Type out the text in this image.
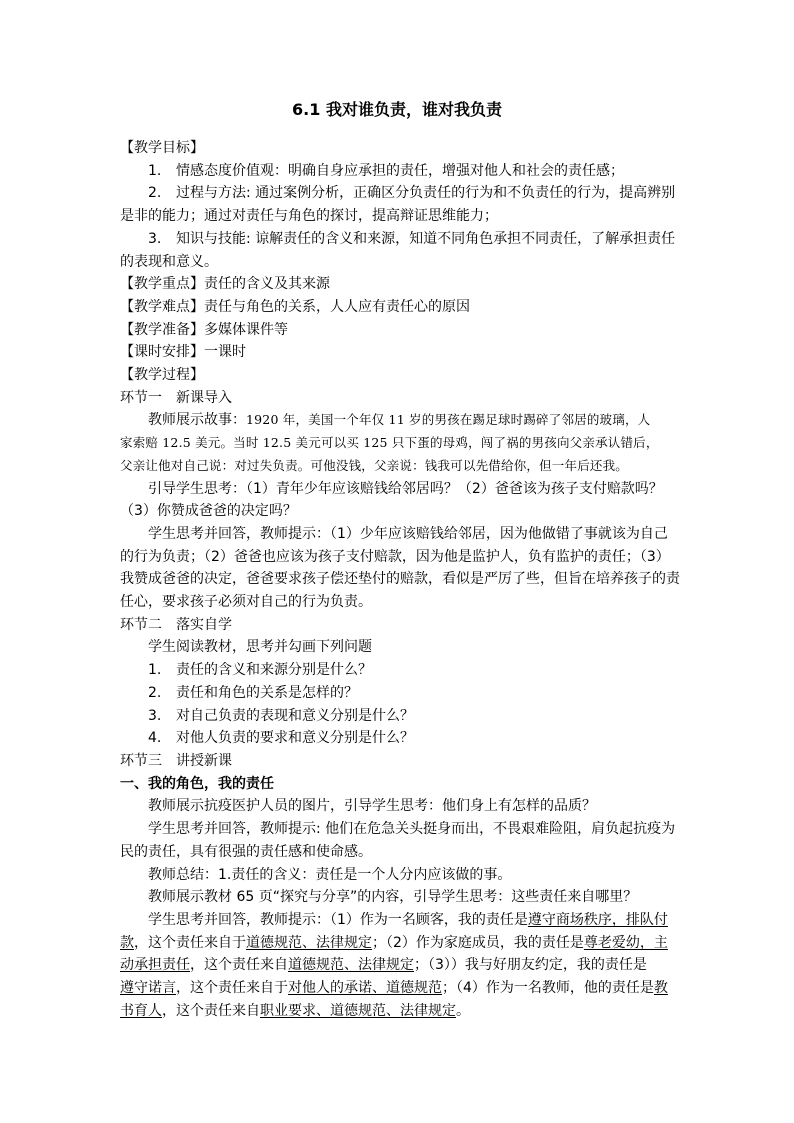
6.1 我对谁负责，谁对我负责
【教学目标】
1. 情感态度价值观：明确自身应承担的责任，增强对他人和社会的责任感；
2. 过程与方法: 通过案例分析，正确区分负责任的行为和不负责任的行为，提高辨别
是非的能力；通过对责任与角色的探讨，提高辩证思维能力；
3. 知识与技能: 谅解责任的含义和来源，知道不同角色承担不同责任，了解承担责任
的表现和意义。
【教学重点】责任的含义及其来源
【教学难点】责任与角色的关系，人人应有责任心的原因
【教学准备】多媒体课件等
【课时安排】一课时
【教学过程】
环节一　新课导入
教师展示故事：1920 年，美国一个年仅 11 岁的男孩在踢足球时踢碎了邻居的玻璃，人
家索赔 12.5 美元。当时 12.5 美元可以买 125 只下蛋的母鸡，闯了祸的男孩向父亲承认错后，
父亲让他对自己说：对过失负责。可他没钱，父亲说：钱我可以先借给你，但一年后还我。
引导学生思考：（1）青年少年应该赔钱给邻居吗？（2）爸爸该为孩子支付赔款吗？
（3）你赞成爸爸的决定吗？
学生思考并回答，教师提示：（1）少年应该赔钱给邻居，因为他做错了事就该为自己
的行为负责；（2）爸爸也应该为孩子支付赔款，因为他是监护人，负有监护的责任；（3）
我赞成爸爸的决定，爸爸要求孩子偿还垫付的赔款，看似是严厉了些，但旨在培养孩子的责
任心，要求孩子必须对自己的行为负责。
环节二　落实自学
学生阅读教材，思考并勾画下列问题
1. 责任的含义和来源分别是什么？
2. 责任和角色的关系是怎样的？
3. 对自己负责的表现和意义分别是什么？
4. 对他人负责的要求和意义分别是什么？
环节三　讲授新课
一、我的角色，我的责任
教师展示抗疫医护人员的图片，引导学生思考：他们身上有怎样的品质？
学生思考并回答，教师提示: 他们在危急关头挺身而出，不畏艰难险阻，肩负起抗疫为
民的责任，具有很强的责任感和使命感。
教师总结：1.责任的含义：责任是一个人分内应该做的事。
教师展示教材 65 页“探究与分享”的内容，引导学生思考：这些责任来自哪里？
学生思考并回答，教师提示：（1）作为一名顾客，我的责任是遵守商场秩序，排队付
款，这个责任来自于道德规范、法律规定；（2）作为家庭成员，我的责任是尊老爱幼，主
动承担责任，这个责任来自道德规范、法律规定；（3））我与好朋友约定，我的责任是
遵守诺言，这个责任来自于对他人的承诺、道德规范；（4）作为一名教师，他的责任是教
书育人，这个责任来自职业要求、道德规范、法律规定。
